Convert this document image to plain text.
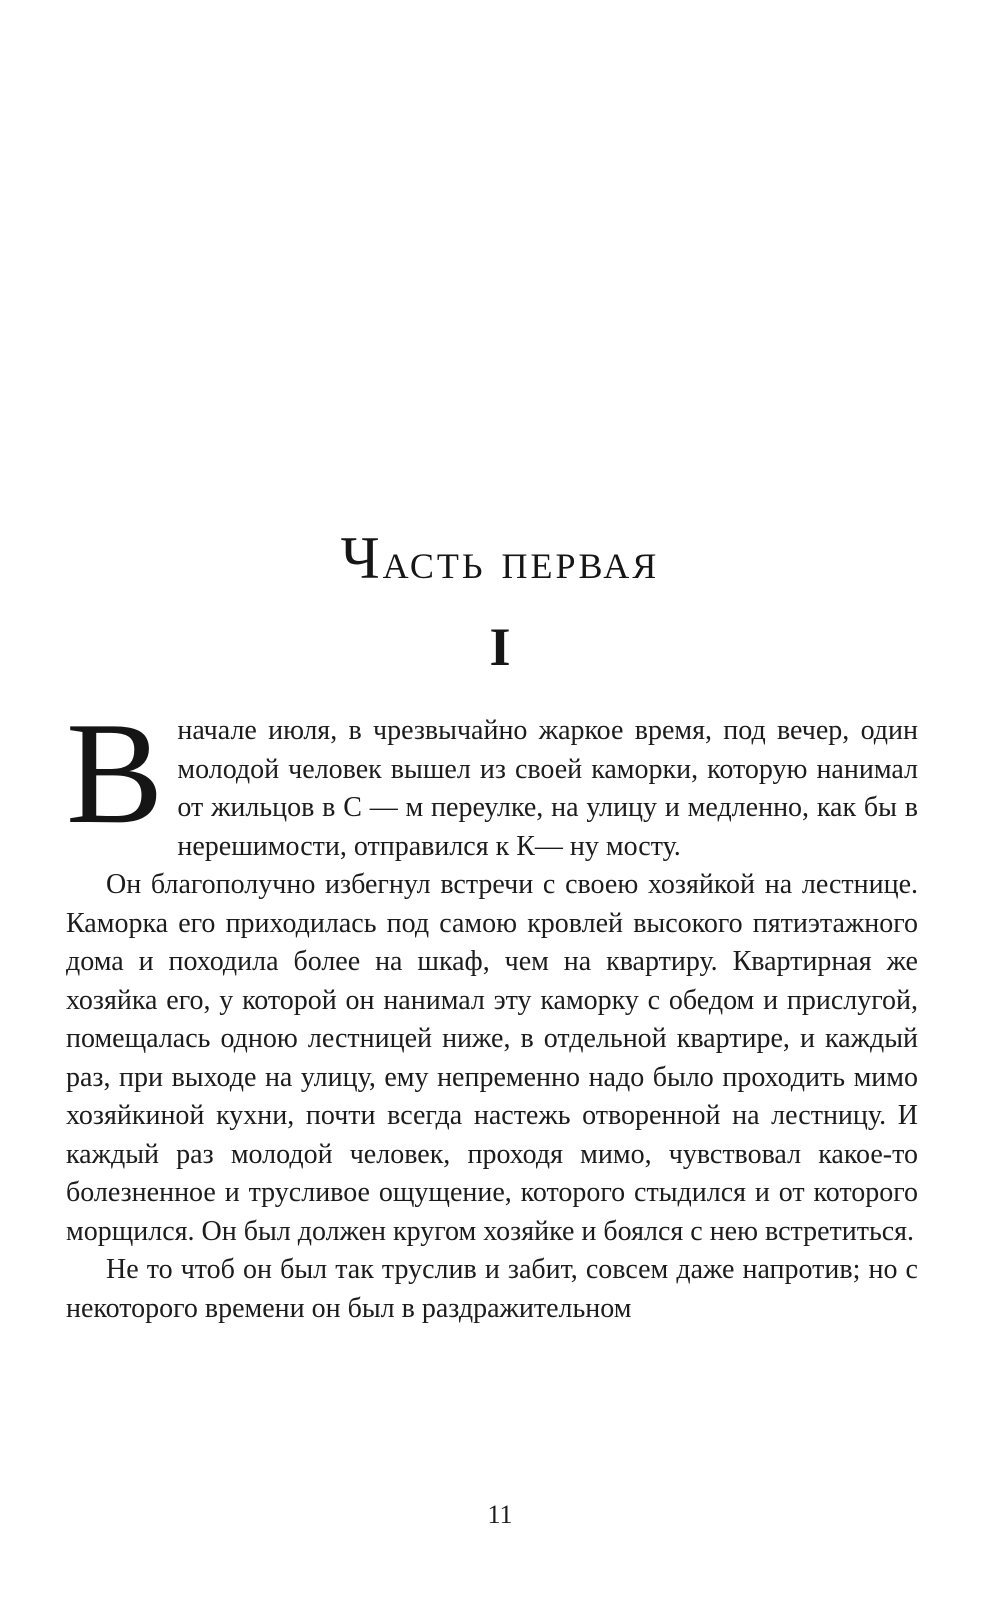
Часть первая
I

Вначале июля, в чрезвычайно жаркое время, под вечер, один молодой человек вышел из своей каморки, которую нанимал от жильцов в С — м переулке, на улицу и медленно, как бы в нерешимости, отправился к К— ну мосту.

Он благополучно избегнул встречи с своею хозяйкой на лестнице. Каморка его приходилась под самою кровлей высокого пятиэтажного дома и походила более на шкаф, чем на квартиру. Квартирная же хозяйка его, у которой он нанимал эту каморку с обедом и прислугой, помещалась одною лестницей ниже, в отдельной квартире, и каждый раз, при выходе на улицу, ему непременно надо было проходить мимо хозяйкиной кухни, почти всегда настежь отворенной на лестницу. И каждый раз молодой человек, проходя мимо, чувствовал какое-то болезненное и трусливое ощущение, которого стыдился и от которого морщился. Он был должен кругом хозяйке и боялся с нею встретиться.

Не то чтоб он был так труслив и забит, совсем даже напротив; но с некоторого времени он был в раздражительном

11
